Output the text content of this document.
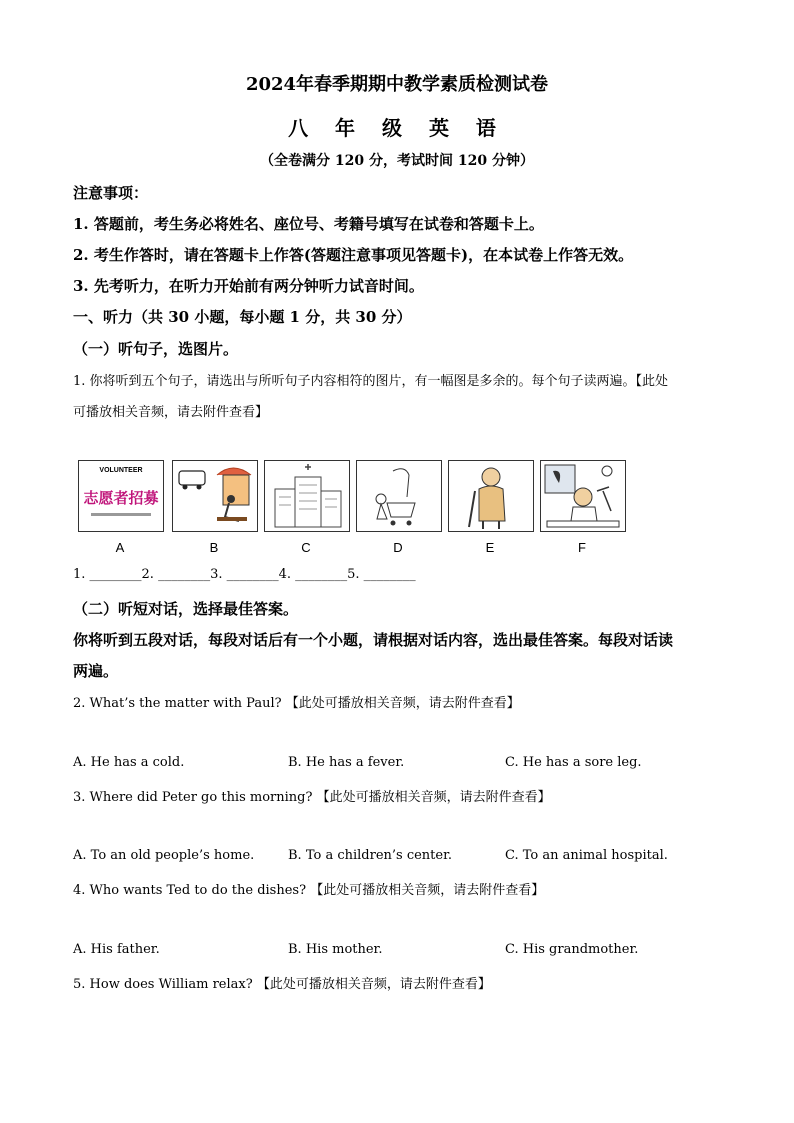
2024年春季期期中教学素质检测试卷
八 年 级 英 语
（全卷满分 120 分，考试时间 120 分钟）
注意事项：
1. 答题前，考生务必将姓名、座位号、考籍号填写在试卷和答题卡上。
2. 考生作答时，请在答题卡上作答(答题注意事项见答题卡)，在本试卷上作答无效。
3. 先考听力，在听力开始前有两分钟听力试音时间。
一、听力（共 30 小题，每小题 1 分，共 30 分）
（一）听句子，选图片。
1. 你将听到五个句子，请选出与所听句子内容相符的图片，有一幅图是多余的。每个句子读两遍。【此处
可播放相关音频，请去附件查看】
VOLUNTEER
志愿者招募
A	B	C	D	E	F
1. ________2. ________3. ________4. ________5. ________
（二）听短对话，选择最佳答案。
你将听到五段对话，每段对话后有一个小题，请根据对话内容，选出最佳答案。每段对话读
两遍。
2. What’s the matter with Paul? 【此处可播放相关音频，请去附件查看】
A. He has a cold.	B. He has a fever.	C. He has a sore leg.
3. Where did Peter go this morning? 【此处可播放相关音频，请去附件查看】
A. To an old people’s home.	B. To a children’s center.	C. To an animal hospital.
4. Who wants Ted to do the dishes? 【此处可播放相关音频，请去附件查看】
A. His father.	B. His mother.	C. His grandmother.
5. How does William relax? 【此处可播放相关音频，请去附件查看】
